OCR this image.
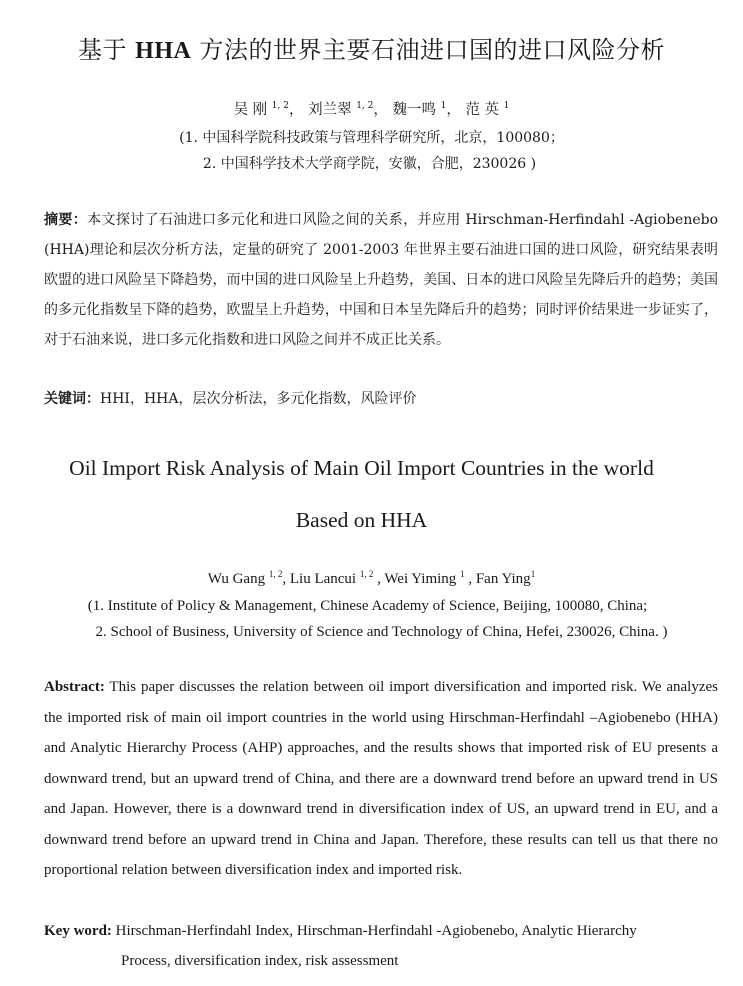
基于 HHA 方法的世界主要石油进口国的进口风险分析
吴 刚 $^{1, 2}$， 刘兰翠 $^{1, 2}$， 魏一鸣 $^1$， 范 英 $^1$
(1. 中国科学院科技政策与管理科学研究所，北京，100080；
2. 中国科学技术大学商学院，安徽，合肥，230026 )
摘要：本文探讨了石油进口多元化和进口风险之间的关系，并应用 Hirschman-Herfindahl -Agiobenebo (HHA)理论和层次分析方法，定量的研究了 2001-2003 年世界主要石油进口国的进口风险，研究结果表明欧盟的进口风险呈下降趋势，而中国的进口风险呈上升趋势，美国、日本的进口风险呈先降后升的趋势；美国的多元化指数呈下降的趋势，欧盟呈上升趋势，中国和日本呈先降后升的趋势；同时评价结果进一步证实了，对于石油来说，进口多元化指数和进口风险之间并不成正比关系。
关键词：HHI，HHA，层次分析法，多元化指数，风险评价
Oil Import Risk Analysis of Main Oil Import Countries in the world
Based on HHA
Wu Gang $^{1, 2}$, Liu Lancui $^{1, 2}$ , Wei Yiming $^1$ , Fan Ying$^1$
(1. Institute of Policy & Management, Chinese Academy of Science, Beijing, 100080, China;
2. School of Business, University of Science and Technology of China, Hefei, 230026, China. )
Abstract: This paper discusses the relation between oil import diversification and imported risk. We analyzes the imported risk of main oil import countries in the world using Hirschman-Herfindahl –Agiobenebo (HHA) and Analytic Hierarchy Process (AHP) approaches, and the results shows that imported risk of EU presents a downward trend, but an upward trend of China, and there are a downward trend before an upward trend in US and Japan. However, there is a downward trend in diversification index of US, an upward trend in EU, and a downward trend before an upward trend in China and Japan. Therefore, these results can tell us that there no proportional relation between diversification index and imported risk.
Key word: Hirschman-Herfindahl Index, Hirschman-Herfindahl -Agiobenebo, Analytic Hierarchy
Process, diversification index, risk assessment
